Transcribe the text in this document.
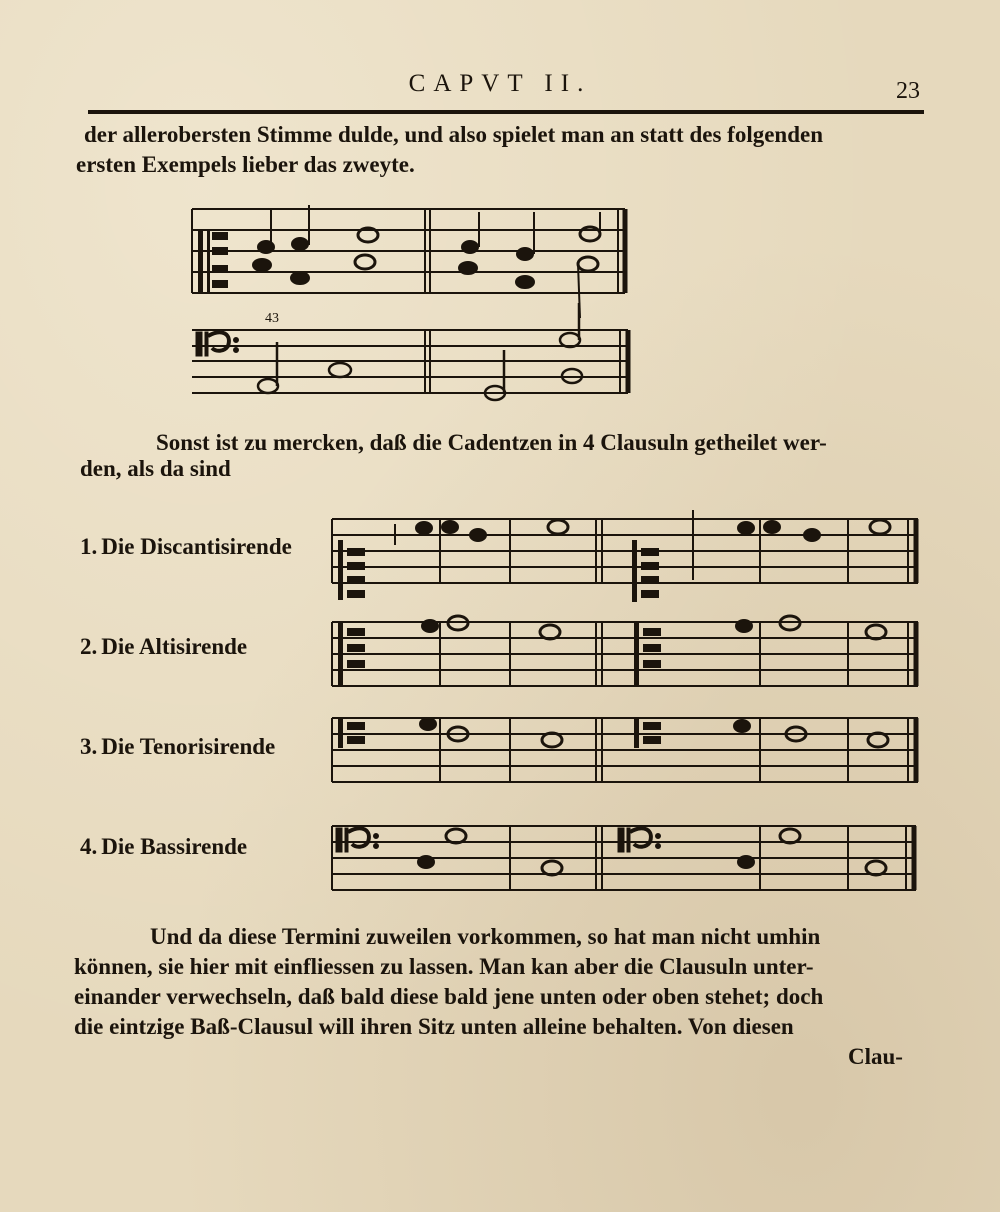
CAPVT II.	23
der allerobersten Stimme dulde, und also spielet man an statt des folgenden
ersten Exempels lieber das zweyte.
43
Sonst ist zu mercken, daß die Cadentzen in 4 Clausuln getheilet wer-
den, als da sind
1. Die Discantisirende
2. Die Altisirende
3. Die Tenorisirende
4. Die Bassirende
Und da diese Termini zuweilen vorkommen, so hat man nicht umhin
können, sie hier mit einfliessen zu lassen. Man kan aber die Clausuln unter-
einander verwechseln, daß bald diese bald jene unten oder oben stehet; doch
die eintzige Baß-Clausul will ihren Sitz unten alleine behalten. Von diesen
Clau-
